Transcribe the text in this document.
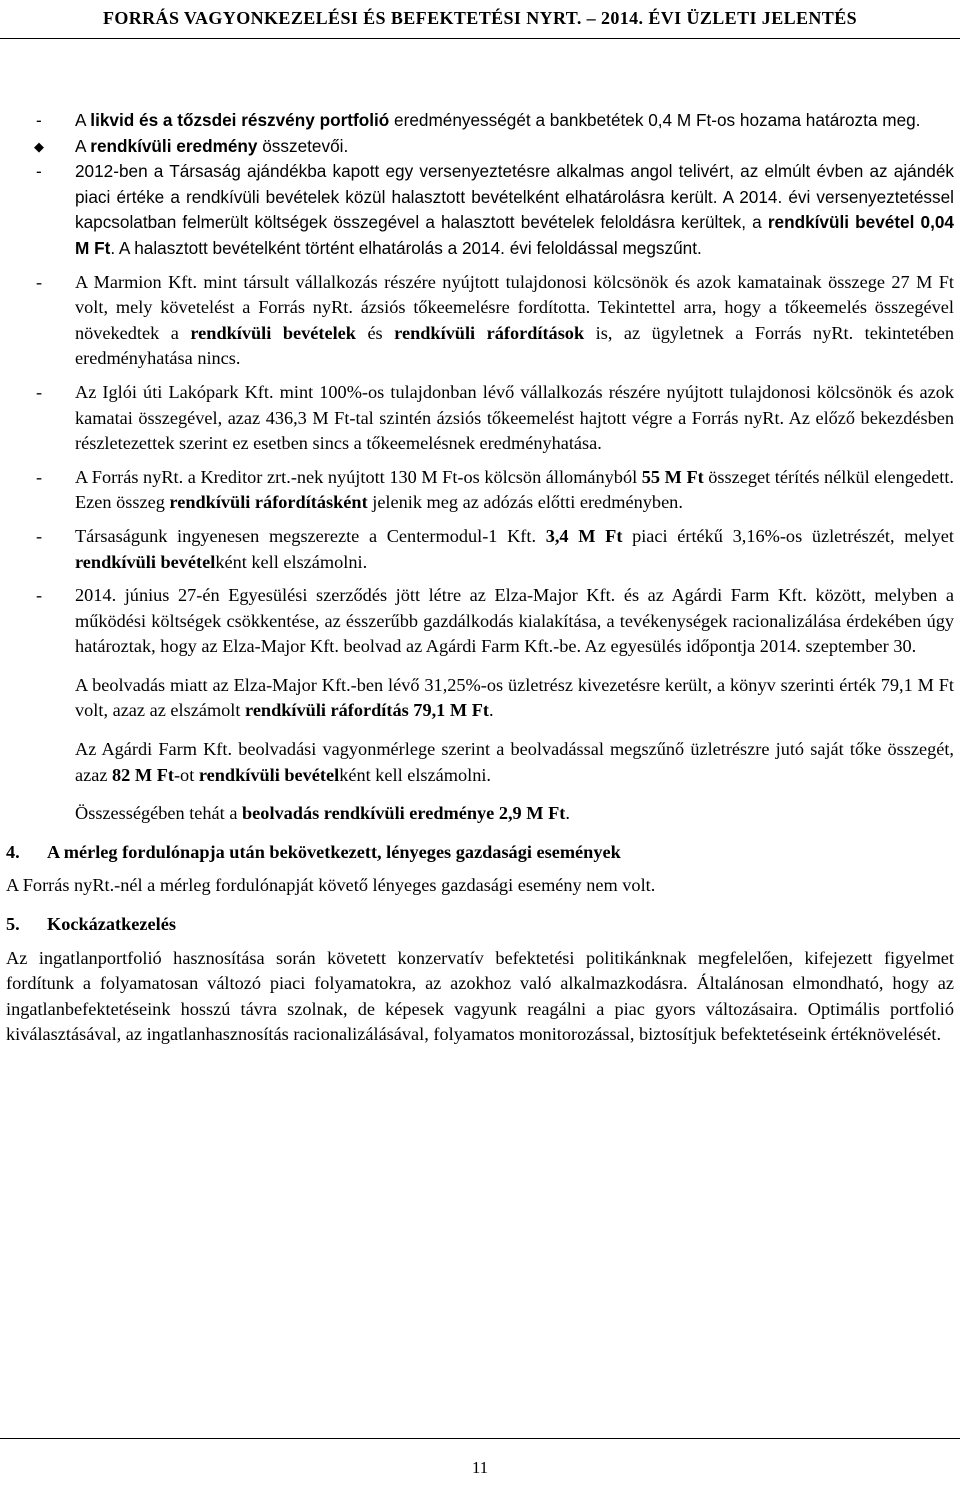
FORRÁS VAGYONKEZELÉSI ÉS BEFEKTETÉSI NYRT. – 2014. ÉVI ÜZLETI JELENTÉS

- A likvid és a tőzsdei részvény portfolió eredményességét a bankbetétek 0,4 M Ft-os hozama határozta meg.

◆ A rendkívüli eredmény összetevői.

- 2012-ben a Társaság ajándékba kapott egy versenyeztetésre alkalmas angol telivért, az elmúlt évben az ajándék piaci értéke a rendkívüli bevételek közül halasztott bevételként elhatárolásra került. A 2014. évi versenyeztetéssel kapcsolatban felmerült költségek összegével a halasztott bevételek feloldásra kerültek, a rendkívüli bevétel 0,04 M Ft. A halasztott bevételként történt elhatárolás a 2014. évi feloldással megszűnt.

- A Marmion Kft. mint társult vállalkozás részére nyújtott tulajdonosi kölcsönök és azok kamatainak összege 27 M Ft volt, mely követelést a Forrás nyRt. ázsiós tőkeemelésre fordította. Tekintettel arra, hogy a tőkeemelés összegével növekedtek a rendkívüli bevételek és rendkívüli ráfordítások is, az ügyletnek a Forrás nyRt. tekintetében eredményhatása nincs.

- Az Iglói úti Lakópark Kft. mint 100%-os tulajdonban lévő vállalkozás részére nyújtott tulajdonosi kölcsönök és azok kamatai összegével, azaz 436,3 M Ft-tal szintén ázsiós tőkeemelést hajtott végre a Forrás nyRt. Az előző bekezdésben részletezettek szerint ez esetben sincs a tőkeemelésnek eredményhatása.

- A Forrás nyRt. a Kreditor zrt.-nek nyújtott 130 M Ft-os kölcsön állományból 55 M Ft összeget térítés nélkül elengedett. Ezen összeg rendkívüli ráfordításként jelenik meg az adózás előtti eredményben.

- Társaságunk ingyenesen megszerezte a Centermodul-1 Kft. 3,4 M Ft piaci értékű 3,16%-os üzletrészét, melyet rendkívüli bevételként kell elszámolni.

- 2014. június 27-én Egyesülési szerződés jött létre az Elza-Major Kft. és az Agárdi Farm Kft. között, melyben a működési költségek csökkentése, az ésszerűbb gazdálkodás kialakítása, a tevékenységek racionalizálása érdekében úgy határoztak, hogy az Elza-Major Kft. beolvad az Agárdi Farm Kft.-be. Az egyesülés időpontja 2014. szeptember 30.

A beolvadás miatt az Elza-Major Kft.-ben lévő 31,25%-os üzletrész kivezetésre került, a könyv szerinti érték 79,1 M Ft volt, azaz az elszámolt rendkívüli ráfordítás 79,1 M Ft.

Az Agárdi Farm Kft. beolvadási vagyonmérlege szerint a beolvadással megszűnő üzletrészre jutó saját tőke összegét, azaz 82 M Ft-ot rendkívüli bevételként kell elszámolni.

Összességében tehát a beolvadás rendkívüli eredménye 2,9 M Ft.

4. A mérleg fordulónapja után bekövetkezett, lényeges gazdasági események

A Forrás nyRt.-nél a mérleg fordulónapját követő lényeges gazdasági esemény nem volt.

5. Kockázatkezelés

Az ingatlanportfolió hasznosítása során követett konzervatív befektetési politikánknak megfelelően, kifejezett figyelmet fordítunk a folyamatosan változó piaci folyamatokra, az azokhoz való alkalmazkodásra. Általánosan elmondható, hogy az ingatlanbefektetéseink hosszú távra szolnak, de képesek vagyunk reagálni a piac gyors változásaira. Optimális portfolió kiválasztásával, az ingatlanhasznosítás racionalizálásával, folyamatos monitorozással, biztosítjuk befektetéseink értéknövelését.

11
